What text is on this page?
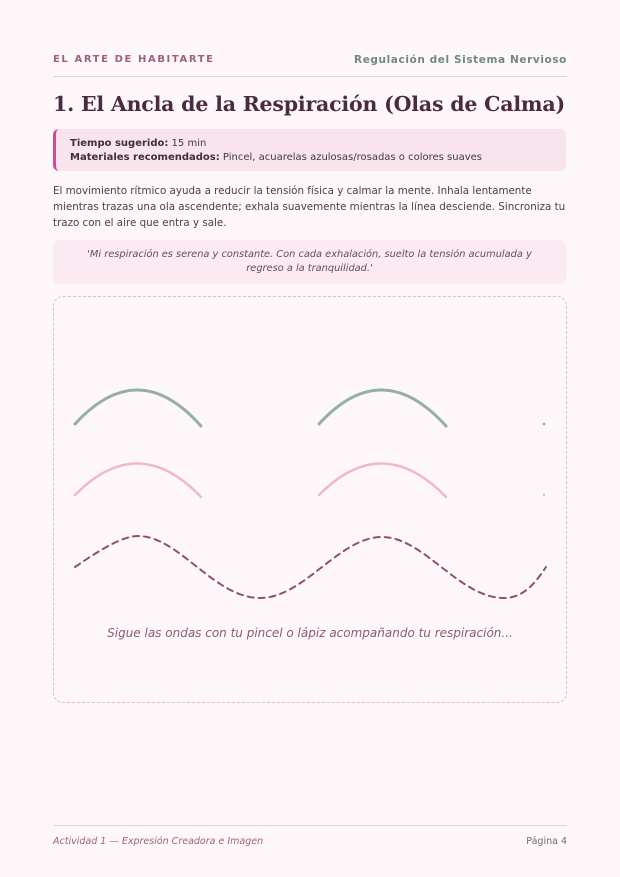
EL ARTE DE HABITARTE	Regulación del Sistema Nervioso
1. El Ancla de la Respiración (Olas de Calma)
Tiempo sugerido: 15 min
Materiales recomendados: Pincel, acuarelas azulosas/rosadas o colores suaves

El movimiento rítmico ayuda a reducir la tensión física y calmar la mente. Inhala lentamente mientras trazas una ola ascendente; exhala suavemente mientras la línea desciende. Sincroniza tu trazo con el aire que entra y sale.

'Mi respiración es serena y constante. Con cada exhalación, suelto la tensión acumulada y regreso a la tranquilidad.'
Sigue las ondas con tu pincel o lápiz acompañando tu respiración...
Actividad 1 — Expresión Creadora e Imagen	Página 4
